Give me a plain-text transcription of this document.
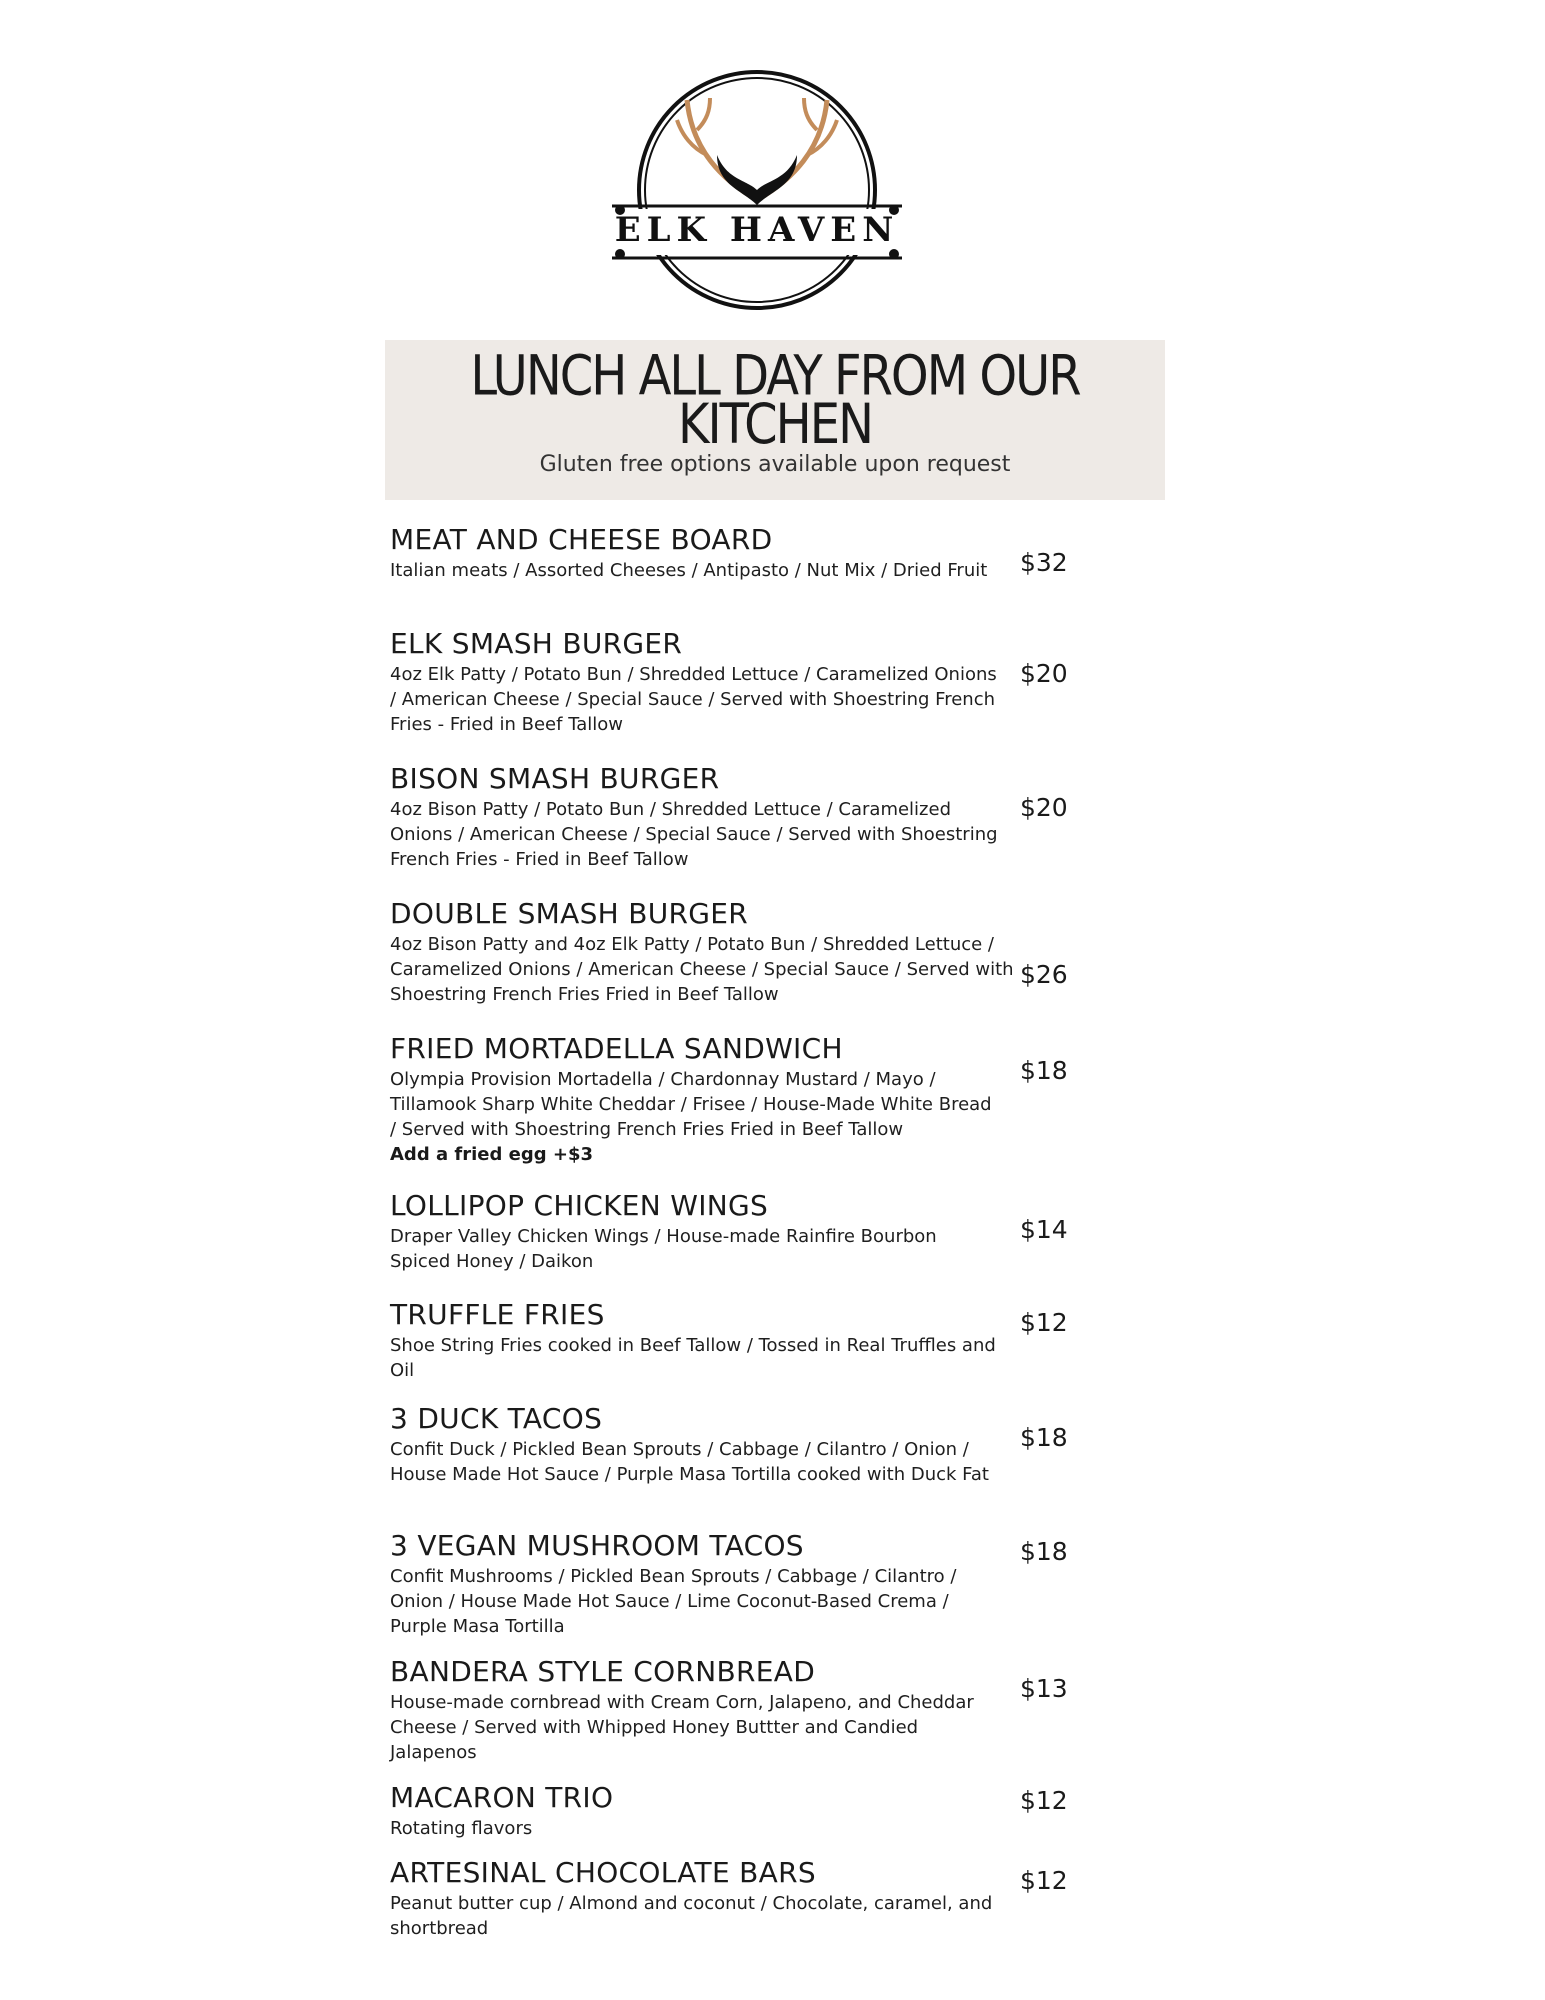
ELK HAVEN
LUNCH ALL DAY FROM OUR KITCHEN
Gluten free options available upon request
MEAT AND CHEESE BOARD
Italian meats / Assorted Cheeses / Antipasto / Nut Mix / Dried Fruit	$32
ELK SMASH BURGER
4oz Elk Patty / Potato Bun / Shredded Lettuce / Caramelized Onions / American Cheese / Special Sauce / Served with Shoestring French Fries - Fried in Beef Tallow
$20
BISON SMASH BURGER
4oz Bison Patty / Potato Bun / Shredded Lettuce / Caramelized Onions / American Cheese / Special Sauce / Served with Shoestring French Fries - Fried in Beef Tallow
$20
DOUBLE SMASH BURGER
4oz Bison Patty and 4oz Elk Patty / Potato Bun / Shredded Lettuce / Caramelized Onions / American Cheese / Special Sauce / Served with Shoestring French Fries Fried in Beef Tallow
$26
FRIED MORTADELLA SANDWICH
Olympia Provision Mortadella / Chardonnay Mustard / Mayo / Tillamook Sharp White Cheddar / Frisee / House-Made White Bread / Served with Shoestring French Fries Fried in Beef Tallow
Add a fried egg +$3
$18
LOLLIPOP CHICKEN WINGS
Draper Valley Chicken Wings / House-made Rainfire Bourbon Spiced Honey / Daikon
$14
TRUFFLE FRIES
Shoe String Fries cooked in Beef Tallow / Tossed in Real Truffles and Oil
$12
3 DUCK TACOS
Confit Duck / Pickled Bean Sprouts / Cabbage / Cilantro / Onion / House Made Hot Sauce / Purple Masa Tortilla cooked with Duck Fat
$18
3 VEGAN MUSHROOM TACOS
Confit Mushrooms / Pickled Bean Sprouts / Cabbage / Cilantro / Onion / House Made Hot Sauce / Lime Coconut-Based Crema / Purple Masa Tortilla
$18
BANDERA STYLE CORNBREAD
House-made cornbread with Cream Corn, Jalapeno, and Cheddar Cheese / Served with Whipped Honey Buttter and Candied Jalapenos
$13
MACARON TRIO
Rotating flavors
$12
ARTESINAL CHOCOLATE BARS
Peanut butter cup / Almond and coconut / Chocolate, caramel, and shortbread
$12
